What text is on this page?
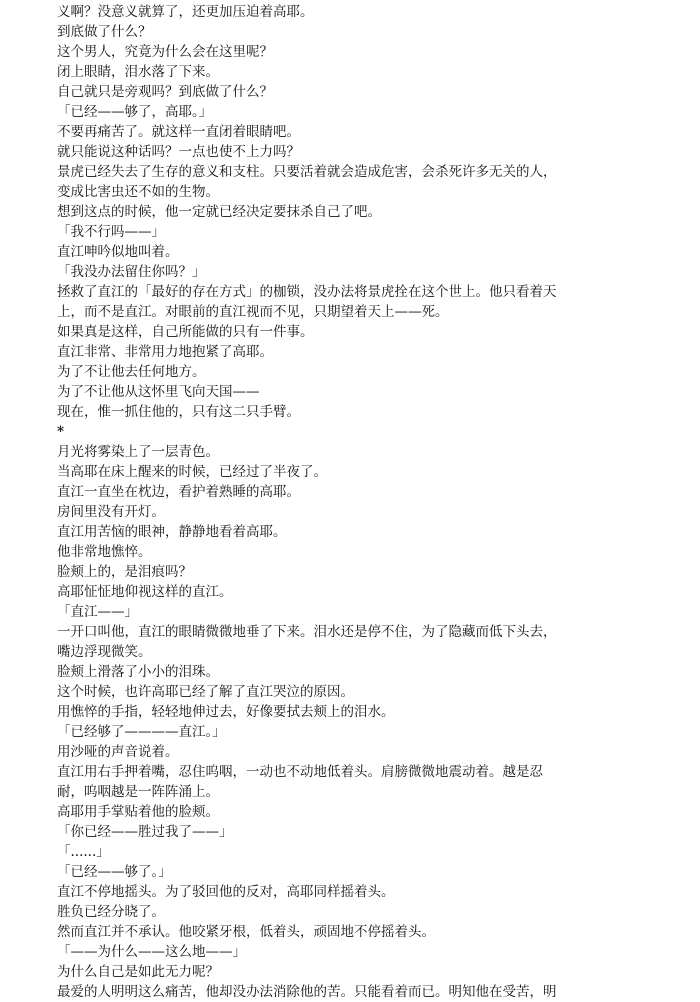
义啊？没意义就算了，还更加压迫着高耶。
到底做了什么？
这个男人，究竟为什么会在这里呢？
闭上眼睛，泪水落了下来。
自己就只是旁观吗？到底做了什么？
「已经——够了，高耶。」
不要再痛苦了。就这样一直闭着眼睛吧。
就只能说这种话吗？一点也使不上力吗？
景虎已经失去了生存的意义和支柱。只要活着就会造成危害，会杀死许多无关的人，
变成比害虫还不如的生物。
想到这点的时候，他一定就已经决定要抹杀自己了吧。
「我不行吗——」
直江呻吟似地叫着。
「我没办法留住你吗？」
拯救了直江的「最好的存在方式」的枷锁，没办法将景虎拴在这个世上。他只看着天
上，而不是直江。对眼前的直江视而不见，只期望着天上——死。
如果真是这样，自己所能做的只有一件事。
直江非常、非常用力地抱紧了高耶。
为了不让他去任何地方。
为了不让他从这怀里飞向天国——
现在，惟一抓住他的，只有这二只手臂。
*
月光将雾染上了一层青色。
当高耶在床上醒来的时候，已经过了半夜了。
直江一直坐在枕边，看护着熟睡的高耶。
房间里没有开灯。
直江用苦恼的眼神，静静地看着高耶。
他非常地憔悴。
脸颊上的，是泪痕吗？
高耶怔怔地仰视这样的直江。
「直江——」
一开口叫他，直江的眼睛微微地垂了下来。泪水还是停不住，为了隐藏而低下头去，
嘴边浮现微笑。
脸颊上滑落了小小的泪珠。
这个时候，也许高耶已经了解了直江哭泣的原因。
用憔悴的手指，轻轻地伸过去，好像要拭去颊上的泪水。
「已经够了————直江。」
用沙哑的声音说着。
直江用右手押着嘴，忍住呜咽，一动也不动地低着头。肩膀微微地震动着。越是忍
耐，呜咽越是一阵阵涌上。
高耶用手掌贴着他的脸颊。
「你已经——胜过我了——」
「......」
「已经——够了。」
直江不停地摇头。为了驳回他的反对，高耶同样摇着头。
胜负已经分晓了。
然而直江并不承认。他咬紧牙根，低着头，顽固地不停摇着头。
「——为什么——这么地——」
为什么自己是如此无力呢？
最爱的人明明这么痛苦，他却没办法消除他的苦。只能看着而已。明知他在受苦，明
